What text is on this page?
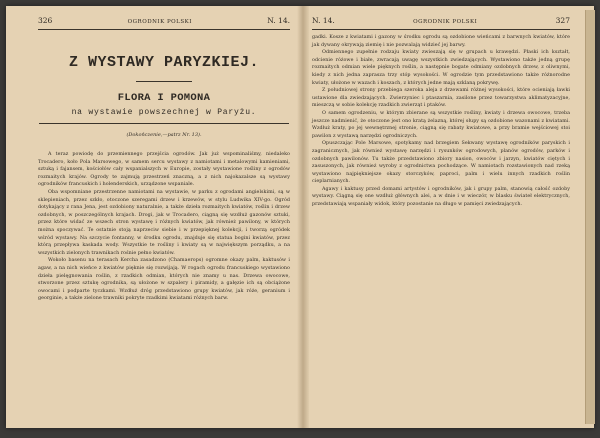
326	OGRODNIK POLSKI	N. 14.
Z WYSTAWY PARYZKIEJ.
FLORA I POMONA
na wystawie powszechnej w Paryżu.
(Dokończenie,—patrz Nr. 13).

A teraz powiodę do przemiennego przejścia ogrodów. Jak już wspominaliśmy, niedaleko Trocadero, koło Pola Marsowego, w samem sercu wystawy z namiotami i metalowymi kamieniami, sztuką i fajansem, kościołów cały wspanialszych w Europie, zostały wystawione rośliny z ogrodów rozmaitych krajów. Ogrody te zajmują przestrzeń znaczną, a z nich najokazalsze są wystawy ogrodników francuskich i holenderskich, urządzone wspaniale.

Oba wspomniane przestrzenne namiotami na wystawie, w parku z ogrodami angielskimi, są w sklepieniach, przez szkło, otoczone szeregami drzew i krzewów, w stylu Ludwika XIV-go. Ogród dotykający z rana Jena, jest ozdobiony naturalnie, a także dzieła rozmaitych kwiatów, roślin i drzew ozdobnych, w poszczególnych krajach. Drogi, jak w Trocadero, ciągną się wzdłuż gazonów sztuki, przez które widać ze wszech stron wystawę i różnych kwiatów, jak również pawilony, w których można spoczywać. Te ostatnie stoją naprzeciw siebie i w przepięknej kolekcji, i tworzą ogródek wśród wystawy. Na szczycie fontanny, w środku ogrodu, znajduje się statua bogini kwiatów, przez którą przepływa kaskada wody. Wszystkie te rośliny i kwiaty są w największym porządku, a na wszystkich zielonych trawnikach rośnie pełno kwiatów.

Wokoło basenu na terasach Kercha zasadzono (Chamaerops) ogromne okazy palm, kaktusów i agaw, a na nich wieńce z kwiatów pięknie się rozwijają. W rogach ogrodu francuskiego wystawiono dzieła pielęgnowania roślin, z rzadkich odmian, których nie znamy u nas. Drzewa owocowe, stworzone przez sztukę ogrodnika, są ułożone w szpalery i piramidy, a gałęzie ich są obciążone owocami i podparte tyczkami. Wzdłuż dróg przedstawiono grupy kwiatów, jak róże, geranium i georginie, a także zielone trawniki pokryte rzadkimi kwiatami różnych barw.

N. 14.	OGRODNIK POLSKI	327

gadki. Kosze z kwiatami i gazony w środku ogrodu są ozdobione wieńcami z barwnych kwiatów, które jak dywany okrywają ziemię i nie pozwalają widzieć jej barwy.

Odmiennego zupełnie rodzaju kwiaty zwieszają się w grupach u krawędzi. Płaski ich kształt, odcienie różowe i białe, zwracają uwagę wszystkich zwiedzających. Wystawiono także jedną grupę rozmaitych odmian wiele pięknych roślin, a następnie bogate odmiany ozdobnych drzew, z oliwnymi, kiedy z nich jedna zaprasza trzy stóp wysokości. W ogrodzie tym przedstawiono także różnorodne kwiaty, ułożone w wazach i koszach, z których jedne mają szklaną pokrywę.

Z południowej strony przebiega szeroka aleja z drzewami różnej wysokości, które ocieniają ławki ustawione dla zwiedzających. Zwierzyniec i ptaszarnia, zasilone przez towarzystwa aklimatyzacyjne, mieszczą w sobie kolekcję rzadkich zwierząt i ptaków.

O samem ogrodzeniu, w którym zbierane są wszystkie rośliny, kwiaty i drzewa owocowe, trzeba jeszcze nadmienić, że otoczone jest ono kratą żelazną, której słupy są ozdobione wazonami z kwiatami. Wzdłuż kraty, po jej wewnętrznej stronie, ciągną się rabaty kwiatowe, a przy bramie wejściowej stoi pawilon z wystawą narzędzi ogrodniczych.

Opuszczając Pole Marsowe, spotykamy nad brzegiem Sekwany wystawę ogrodników paryskich i zagranicznych, jak również wystawę narzędzi i rysunków ogrodowych, planów ogrodów, parków i ozdobnych pawilonów. Tu także przedstawiono zbiory nasion, owoców i jarzyn, kwiatów ciętych i zasuszonych, jak również wyroby z ogrodnictwa pochodzące. W namiotach rozstawionych nad rzeką wystawiono najpiękniejsze okazy storczyków, paproci, palm i wielu innych rzadkich roślin cieplarnianych.

Agawy i kaktusy przed domami artystów i ogrodników, jak i grupy palm, stanowią całość ozdoby wystawy. Ciągną się one wzdłuż głównych alei, a w dnie i w wieczór, w blasku świateł elektrycznych, przedstawiają wspaniały widok, który pozostanie na długo w pamięci zwiedzających.
